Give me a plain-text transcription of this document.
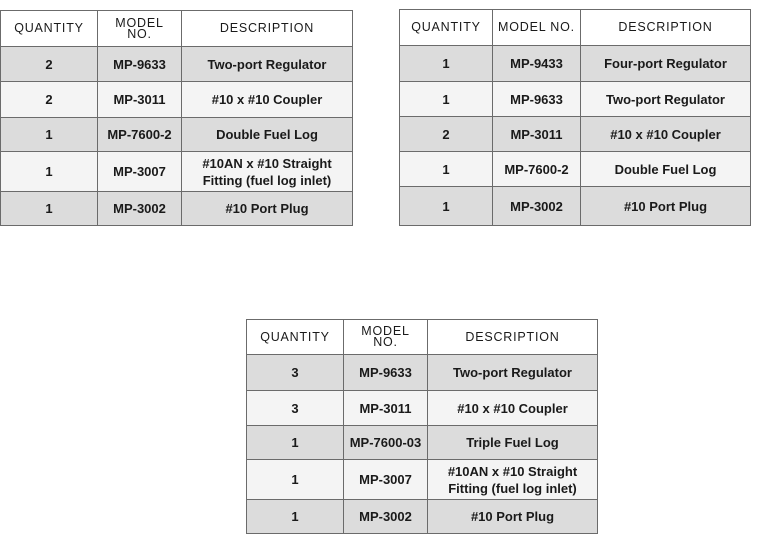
QUANTITY	MODEL NO.	DESCRIPTION
2	MP-9633	Two-port Regulator
2	MP-3011	#10 x #10 Coupler
1	MP-7600-2	Double Fuel Log
1	MP-3007	#10AN x #10 Straight Fitting (fuel log inlet)
1	MP-3002	#10 Port Plug
QUANTITY	MODEL NO.	DESCRIPTION
1	MP-9433	Four-port Regulator
1	MP-9633	Two-port Regulator
2	MP-3011	#10 x #10 Coupler
1	MP-7600-2	Double Fuel Log
1	MP-3002	#10 Port Plug
QUANTITY	MODEL NO.	DESCRIPTION
3	MP-9633	Two-port Regulator
3	MP-3011	#10 x #10 Coupler
1	MP-7600-03	Triple Fuel Log
1	MP-3007	#10AN x #10 Straight Fitting (fuel log inlet)
1	MP-3002	#10 Port Plug
